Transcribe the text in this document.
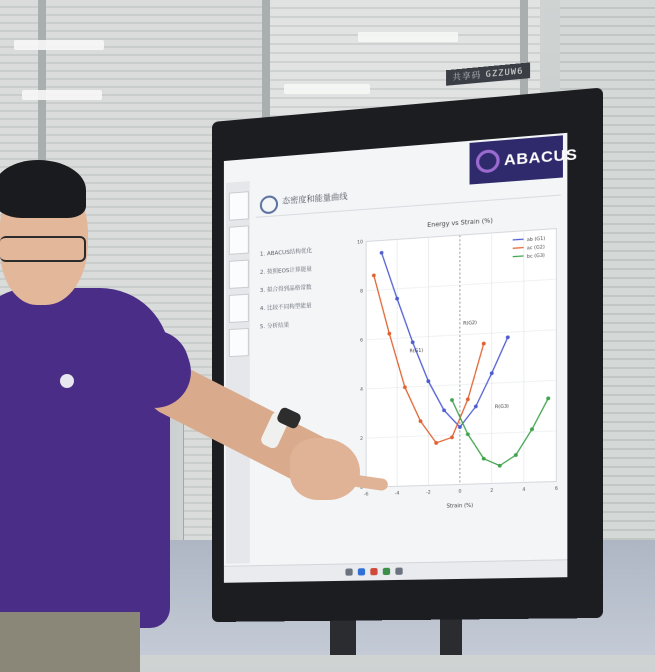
共享码 GZZUW6
ABACUS
态密度和能量曲线
1. ABACUS结构优化
2. 按照EOS计算能量
3. 拟合得到晶格常数
4. 比较不同构型能量
5. 分析结果
Energy vs Strain (%)
Strain (%)
-6	-4	-2	0	2	4	6
0
2
4
6
8
10	ab (G1)
ac (G2)
bc (G3)
R(G1)
R(G2)
R(G3)
